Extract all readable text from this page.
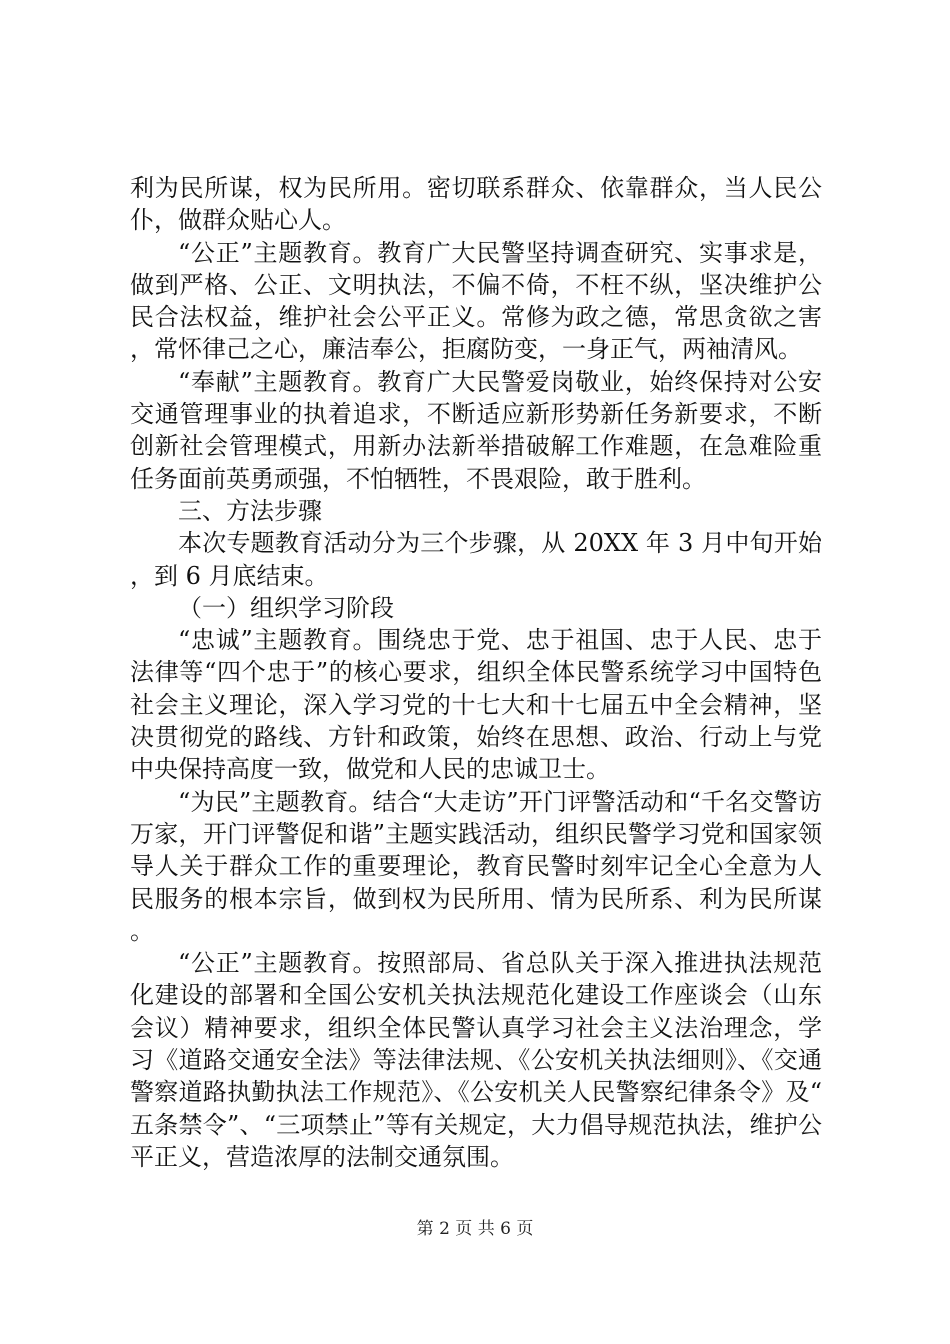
利为民所谋，权为民所用。密切联系群众、依靠群众，当人民公仆，做群众贴心人。

“公正”主题教育。教育广大民警坚持调查研究、实事求是，做到严格、公正、文明执法，不偏不倚，不枉不纵，坚决维护公民合法权益，维护社会公平正义。常修为政之德，常思贪欲之害，常怀律己之心，廉洁奉公，拒腐防变，一身正气，两袖清风。

“奉献”主题教育。教育广大民警爱岗敬业，始终保持对公安交通管理事业的执着追求，不断适应新形势新任务新要求，不断创新社会管理模式，用新办法新举措破解工作难题，在急难险重任务面前英勇顽强，不怕牺牲，不畏艰险，敢于胜利。

三、方法步骤

本次专题教育活动分为三个步骤，从 20XX 年 3 月中旬开始，到 6 月底结束。

（一）组织学习阶段

“忠诚”主题教育。围绕忠于党、忠于祖国、忠于人民、忠于法律等“四个忠于”的核心要求，组织全体民警系统学习中国特色社会主义理论，深入学习党的十七大和十七届五中全会精神，坚决贯彻党的路线、方针和政策，始终在思想、政治、行动上与党中央保持高度一致，做党和人民的忠诚卫士。

“为民”主题教育。结合“大走访”开门评警活动和“千名交警访万家，开门评警促和谐”主题实践活动，组织民警学习党和国家领导人关于群众工作的重要理论，教育民警时刻牢记全心全意为人民服务的根本宗旨，做到权为民所用、情为民所系、利为民所谋。

“公正”主题教育。按照部局、省总队关于深入推进执法规范化建设的部署和全国公安机关执法规范化建设工作座谈会（山东会议）精神要求，组织全体民警认真学习社会主义法治理念，学习《道路交通安全法》等法律法规、《公安机关执法细则》、《交通警察道路执勤执法工作规范》、《公安机关人民警察纪律条令》及“五条禁令”、“三项禁止”等有关规定，大力倡导规范执法，维护公平正义，营造浓厚的法制交通氛围。

第 2 页 共 6 页
